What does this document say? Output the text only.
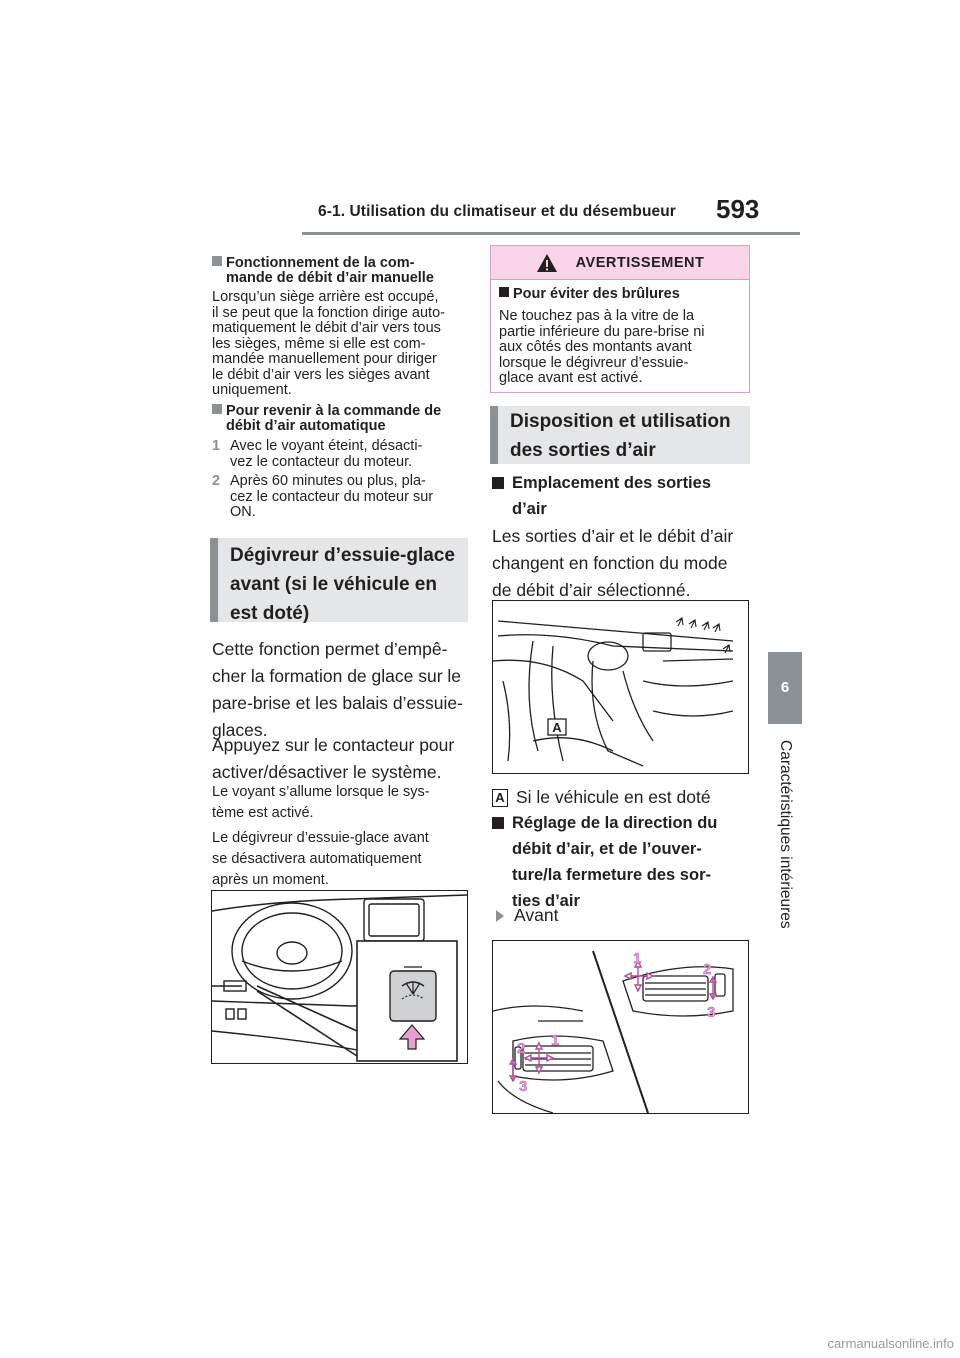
6-1. Utilisation du climatiseur et du désembueur 593
6
Caractéristiques intérieures
Fonctionnement de la com-
mande de débit d’air manuelle
Lorsqu’un siège arrière est occupé,
il se peut que la fonction dirige auto-
matiquement le débit d’air vers tous
les sièges, même si elle est com-
mandée manuellement pour diriger
le débit d’air vers les sièges avant
uniquement.
Pour revenir à la commande de
débit d’air automatique
1 Avec le voyant éteint, désacti-
vez le contacteur du moteur.
2 Après 60 minutes ou plus, pla-
cez le contacteur du moteur sur
ON.
Dégivreur d’essuie-glace
avant (si le véhicule en
est doté)
Cette fonction permet d’empê-
cher la formation de glace sur le
pare-brise et les balais d’essuie-
glaces.
Appuyez sur le contacteur pour
activer/désactiver le système.
Le voyant s’allume lorsque le sys-
tème est activé.
Le dégivreur d’essuie-glace avant
se désactivera automatiquement
après un moment.
AVERTISSEMENT
Pour éviter des brûlures
Ne touchez pas à la vitre de la
partie inférieure du pare-brise ni
aux côtés des montants avant
lorsque le dégivreur d’essuie-
glace avant est activé.
Disposition et utilisation
des sorties d’air
Emplacement des sorties
d’air
Les sorties d’air et le débit d’air
changent en fonction du mode
de débit d’air sélectionné.
A
A Si le véhicule en est doté
Réglage de la direction du
débit d’air, et de l’ouver-
ture/la fermeture des sor-
ties d’air
Avant
1
2
3
1
2
3
carmanualsonline.info
